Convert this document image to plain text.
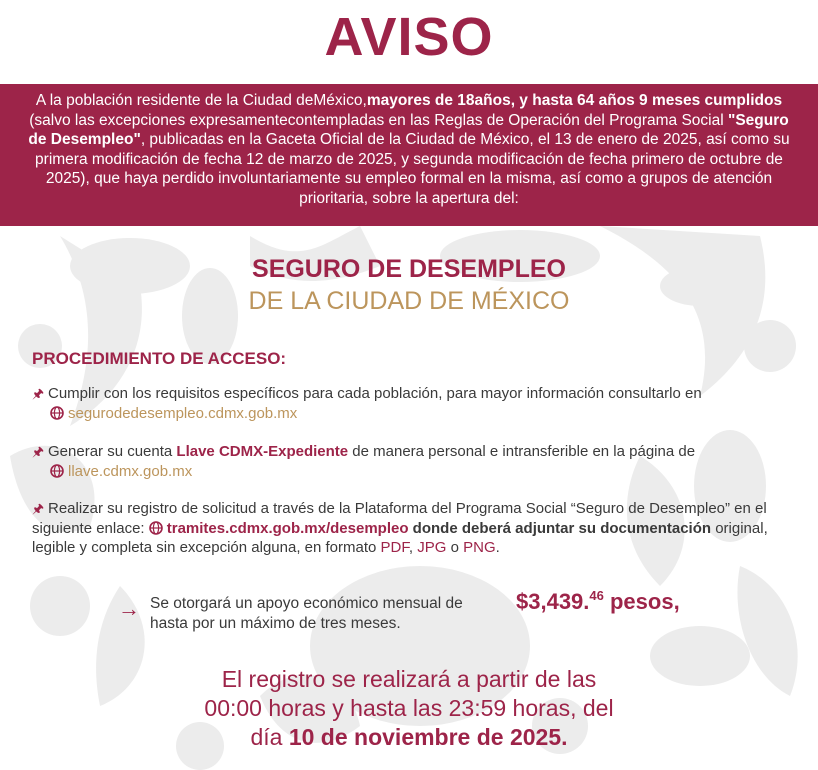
AVISO
A la población residente de la Ciudad deMéxico,mayores de 18años, y hasta 64 años 9 meses cumplidos (salvo las excepciones expresamentecontempladas en las Reglas de Operación del Programa Social "Seguro de Desempleo", publicadas en la Gaceta Oficial de la Ciudad de México, el 13 de enero de 2025, así como su primera modificación de fecha 12 de marzo de 2025, y segunda modificación de fecha primero de octubre de 2025), que haya perdido involuntariamente su empleo formal en la misma, así como a grupos de atención prioritaria, sobre la apertura del:
SEGURO DE DESEMPLEO
DE LA CIUDAD DE MÉXICO
PROCEDIMIENTO DE ACCESO:
🖈 Cumplir con los requisitos específicos para cada población, para mayor información consultarlo en
segurodedesempleo.cdmx.gob.mx
🖈 Generar su cuenta Llave CDMX-Expediente de manera personal e intransferible en la página de
llave.cdmx.gob.mx
🖈 Realizar su registro de solicitud a través de la Plataforma del Programa Social “Seguro de Desempleo” en el siguiente enlace: tramites.cdmx.gob.mx/desempleo donde deberá adjuntar su documentación original, legible y completa sin excepción alguna, en formato PDF, JPG o PNG.
→ Se otorgará un apoyo económico mensual de
hasta por un máximo de tres meses.
$3,439.46 pesos,
El registro se realizará a partir de las
00:00 horas y hasta las 23:59 horas, del
día 10 de noviembre de 2025.
